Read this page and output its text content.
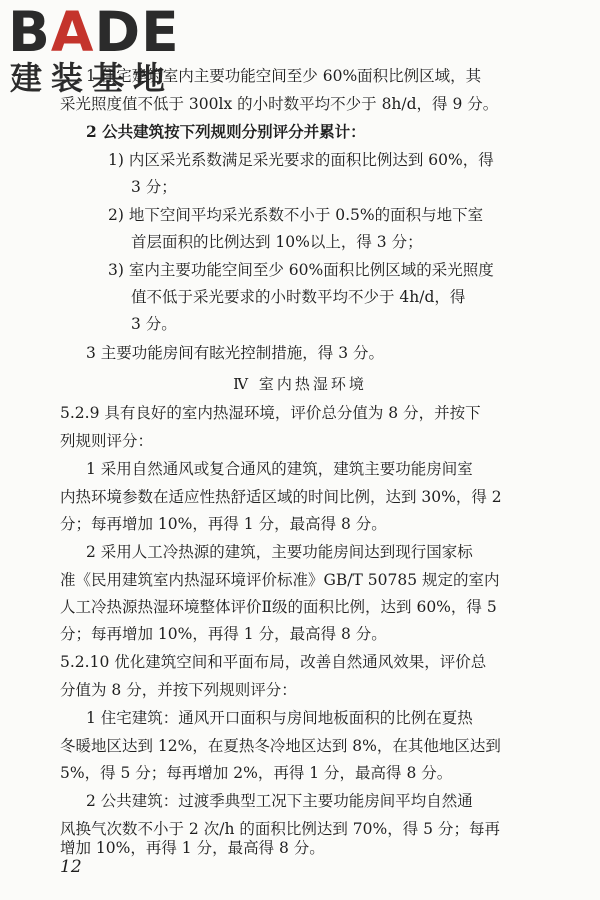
BADE
建装基地
1 住宅建筑室内主要功能空间至少 60%面积比例区域，其
采光照度值不低于 300lx 的小时数平均不少于 8h/d，得 9 分。
2 公共建筑按下列规则分别评分并累计：
1) 内区采光系数满足采光要求的面积比例达到 60%，得
3 分；
2) 地下空间平均采光系数不小于 0.5%的面积与地下室
首层面积的比例达到 10%以上，得 3 分；
3) 室内主要功能空间至少 60%面积比例区域的采光照度
值不低于采光要求的小时数平均不少于 4h/d，得
3 分。
3 主要功能房间有眩光控制措施，得 3 分。
Ⅳ 室内热湿环境
5.2.9 具有良好的室内热湿环境，评价总分值为 8 分，并按下
列规则评分：
1 采用自然通风或复合通风的建筑，建筑主要功能房间室
内热环境参数在适应性热舒适区域的时间比例，达到 30%，得 2
分；每再增加 10%，再得 1 分，最高得 8 分。
2 采用人工冷热源的建筑，主要功能房间达到现行国家标
准《民用建筑室内热湿环境评价标准》GB/T 50785 规定的室内
人工冷热源热湿环境整体评价Ⅱ级的面积比例，达到 60%，得 5
分；每再增加 10%，再得 1 分，最高得 8 分。
5.2.10 优化建筑空间和平面布局，改善自然通风效果，评价总
分值为 8 分，并按下列规则评分：
1 住宅建筑：通风开口面积与房间地板面积的比例在夏热
冬暖地区达到 12%，在夏热冬冷地区达到 8%，在其他地区达到
5%，得 5 分；每再增加 2%，再得 1 分，最高得 8 分。
2 公共建筑：过渡季典型工况下主要功能房间平均自然通
风换气次数不小于 2 次/h 的面积比例达到 70%，得 5 分；每再
增加 10%，再得 1 分，最高得 8 分。
12
